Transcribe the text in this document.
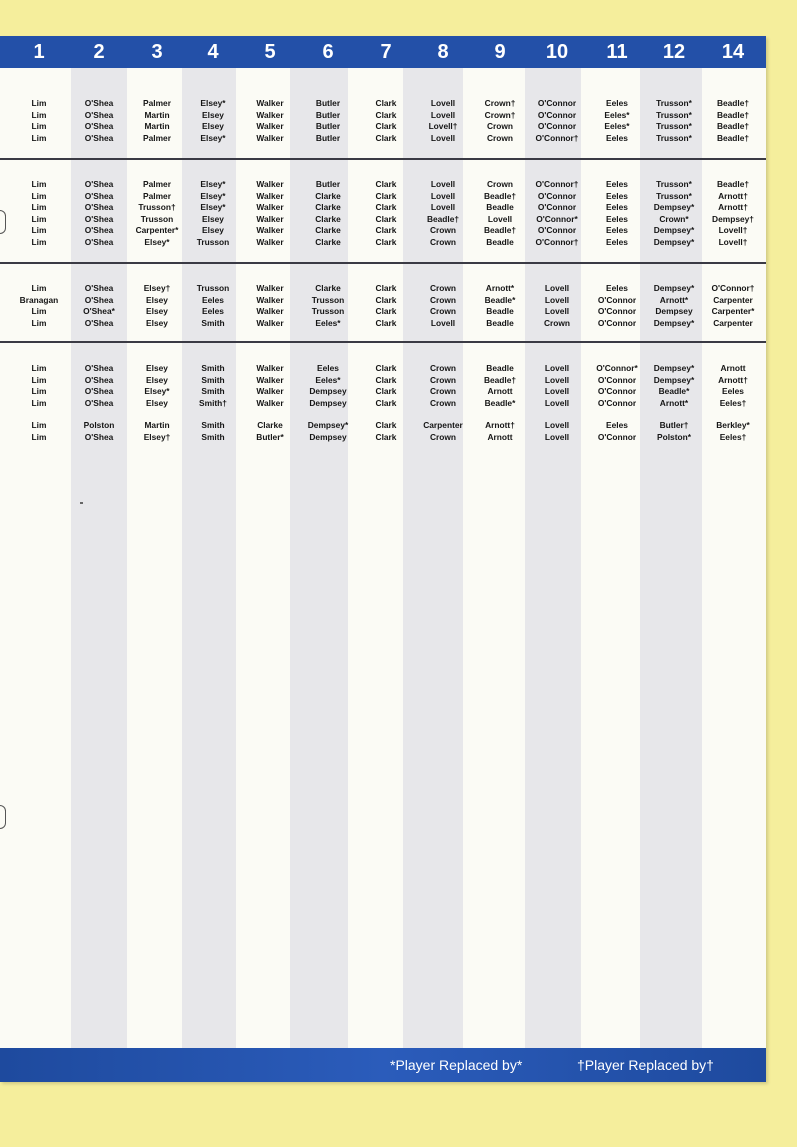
1	2	3	4	5	6	7	8	9	10	11	12	14
Lim	O'Shea	Palmer	Elsey*	Walker	Butler	Clark	Lovell	Crown†	O'Connor	Eeles	Trusson*	Beadle†
Lim	O'Shea	Martin	Elsey	Walker	Butler	Clark	Lovell	Crown†	O'Connor	Eeles*	Trusson*	Beadle†
Lim	O'Shea	Martin	Elsey	Walker	Butler	Clark	Lovell†	Crown	O'Connor	Eeles*	Trusson*	Beadle†
Lim	O'Shea	Palmer	Elsey*	Walker	Butler	Clark	Lovell	Crown	O'Connor†	Eeles	Trusson*	Beadle†
Lim	O'Shea	Palmer	Elsey*	Walker	Butler	Clark	Lovell	Crown	O'Connor†	Eeles	Trusson*	Beadle†
Lim	O'Shea	Palmer	Elsey*	Walker	Clarke	Clark	Lovell	Beadle†	O'Connor	Eeles	Trusson*	Arnott†
Lim	O'Shea	Trusson†	Elsey*	Walker	Clarke	Clark	Lovell	Beadle	O'Connor	Eeles	Dempsey*	Arnott†
Lim	O'Shea	Trusson	Elsey	Walker	Clarke	Clark	Beadle†	Lovell	O'Connor*	Eeles	Crown*	Dempsey†
Lim	O'Shea	Carpenter*	Elsey	Walker	Clarke	Clark	Crown	Beadle†	O'Connor	Eeles	Dempsey*	Lovell†
Lim	O'Shea	Elsey*	Trusson	Walker	Clarke	Clark	Crown	Beadle	O'Connor†	Eeles	Dempsey*	Lovell†
Lim	O'Shea	Elsey†	Trusson	Walker	Clarke	Clark	Crown	Arnott*	Lovell	Eeles	Dempsey*	O'Connor†
Branagan	O'Shea	Elsey	Eeles	Walker	Trusson	Clark	Crown	Beadle*	Lovell	O'Connor	Arnott*	Carpenter
Lim	O'Shea*	Elsey	Eeles	Walker	Trusson	Clark	Crown	Beadle	Lovell	O'Connor	Dempsey	Carpenter*
Lim	O'Shea	Elsey	Smith	Walker	Eeles*	Clark	Lovell	Beadle	Crown	O'Connor	Dempsey*	Carpenter
Lim	O'Shea	Elsey	Smith	Walker	Eeles	Clark	Crown	Beadle	Lovell	O'Connor*	Dempsey*	Arnott
Lim	O'Shea	Elsey	Smith	Walker	Eeles*	Clark	Crown	Beadle†	Lovell	O'Connor	Dempsey*	Arnott†
Lim	O'Shea	Elsey*	Smith	Walker	Dempsey	Clark	Crown	Arnott	Lovell	O'Connor	Beadle*	Eeles
Lim	O'Shea	Elsey	Smith†	Walker	Dempsey	Clark	Crown	Beadle*	Lovell	O'Connor	Arnott*	Eeles†
Lim	Polston	Martin	Smith	Clarke	Dempsey*	Clark	Carpenter	Arnott†	Lovell	Eeles	Butler†	Berkley*
Lim	O'Shea	Elsey†	Smith	Butler*	Dempsey	Clark	Crown	Arnott	Lovell	O'Connor	Polston*	Eeles†
*Player Replaced by*	†Player Replaced by†
